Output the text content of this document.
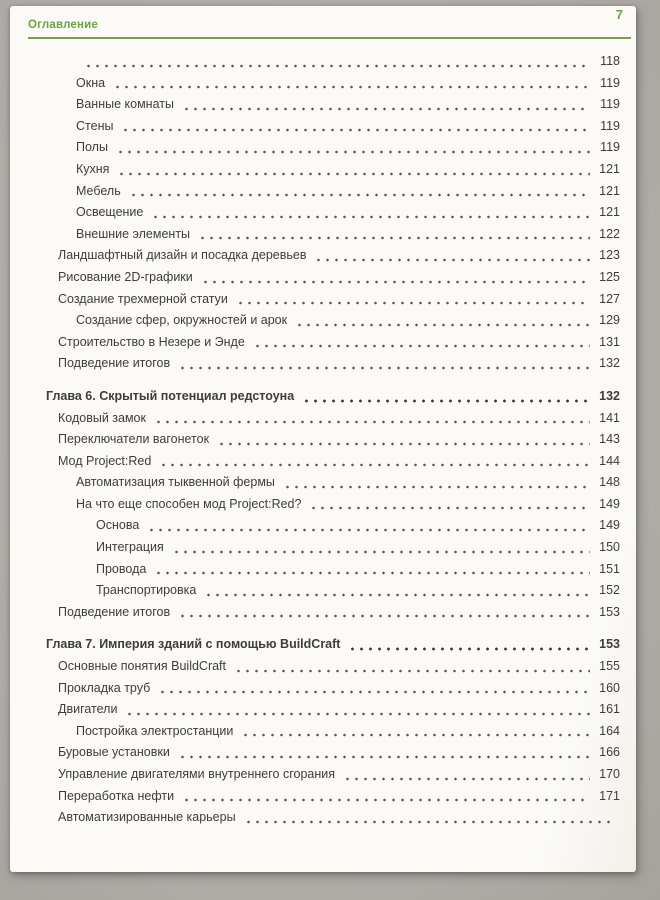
7
Оглавление
118
Окна	119
Ванные комнаты	119
Стены	119
Полы	119
Кухня	121
Мебель	121
Освещение	121
Внешние элементы	122
Ландшафтный дизайн и посадка деревьев	123
Рисование 2D-графики	125
Создание трехмерной статуи	127
Создание сфер, окружностей и арок	129
Строительство в Незере и Энде	131
Подведение итогов	132
Глава 6. Скрытый потенциал редстоуна	132
Кодовый замок	141
Переключатели вагонеток	143
Мод Project:Red	144
Автоматизация тыквенной фермы	148
На что еще способен мод Project:Red?	149
Основа	149
Интеграция	150
Провода	151
Транспортировка	152
Подведение итогов	153
Глава 7. Империя зданий с помощью BuildCraft	153
Основные понятия BuildCraft	155
Прокладка труб	160
Двигатели	161
Постройка электростанции	164
Буровые установки	166
Управление двигателями внутреннего сгорания	170
Переработка нефти	171
Автоматизированные карьеры
